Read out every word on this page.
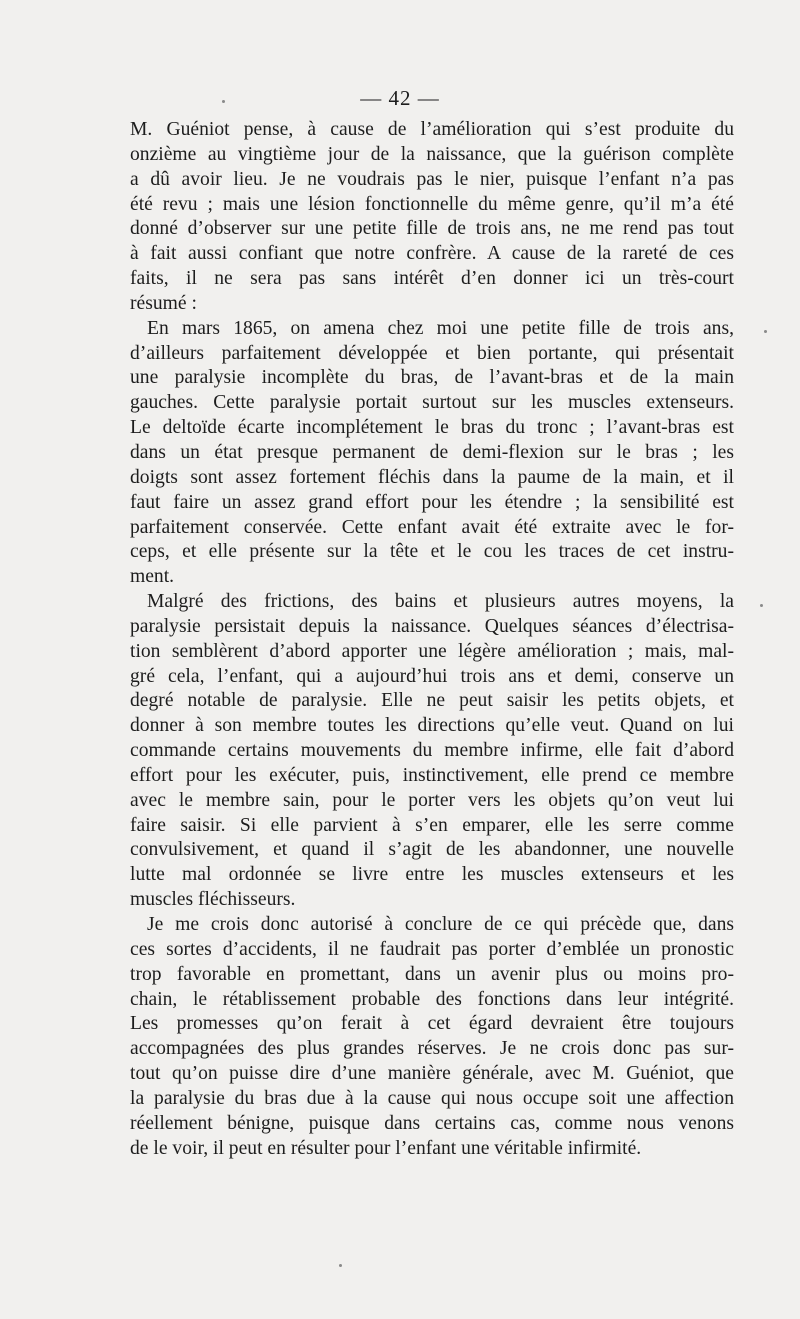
— 42 —
M. Guéniot pense, à cause de l’amélioration qui s’est produite du
onzième au vingtième jour de la naissance, que la guérison complète
a dû avoir lieu. Je ne voudrais pas le nier, puisque l’enfant n’a pas
été revu ; mais une lésion fonctionnelle du même genre, qu’il m’a été
donné d’observer sur une petite fille de trois ans, ne me rend pas tout
à fait aussi confiant que notre confrère. A cause de la rareté de ces
faits, il ne sera pas sans intérêt d’en donner ici un très-court
résumé :
En mars 1865, on amena chez moi une petite fille de trois ans,
d’ailleurs parfaitement développée et bien portante, qui présentait
une paralysie incomplète du bras, de l’avant-bras et de la main
gauches. Cette paralysie portait surtout sur les muscles extenseurs.
Le deltoïde écarte incomplétement le bras du tronc ; l’avant-bras est
dans un état presque permanent de demi-flexion sur le bras ; les
doigts sont assez fortement fléchis dans la paume de la main, et il
faut faire un assez grand effort pour les étendre ; la sensibilité est
parfaitement conservée. Cette enfant avait été extraite avec le for-
ceps, et elle présente sur la tête et le cou les traces de cet instru-
ment.
Malgré des frictions, des bains et plusieurs autres moyens, la
paralysie persistait depuis la naissance. Quelques séances d’électrisa-
tion semblèrent d’abord apporter une légère amélioration ; mais, mal-
gré cela, l’enfant, qui a aujourd’hui trois ans et demi, conserve un
degré notable de paralysie. Elle ne peut saisir les petits objets, et
donner à son membre toutes les directions qu’elle veut. Quand on lui
commande certains mouvements du membre infirme, elle fait d’abord
effort pour les exécuter, puis, instinctivement, elle prend ce membre
avec le membre sain, pour le porter vers les objets qu’on veut lui
faire saisir. Si elle parvient à s’en emparer, elle les serre comme
convulsivement, et quand il s’agit de les abandonner, une nouvelle
lutte mal ordonnée se livre entre les muscles extenseurs et les
muscles fléchisseurs.
Je me crois donc autorisé à conclure de ce qui précède que, dans
ces sortes d’accidents, il ne faudrait pas porter d’emblée un pronostic
trop favorable en promettant, dans un avenir plus ou moins pro-
chain, le rétablissement probable des fonctions dans leur intégrité.
Les promesses qu’on ferait à cet égard devraient être toujours
accompagnées des plus grandes réserves. Je ne crois donc pas sur-
tout qu’on puisse dire d’une manière générale, avec M. Guéniot, que
la paralysie du bras due à la cause qui nous occupe soit une affection
réellement bénigne, puisque dans certains cas, comme nous venons
de le voir, il peut en résulter pour l’enfant une véritable infirmité.
